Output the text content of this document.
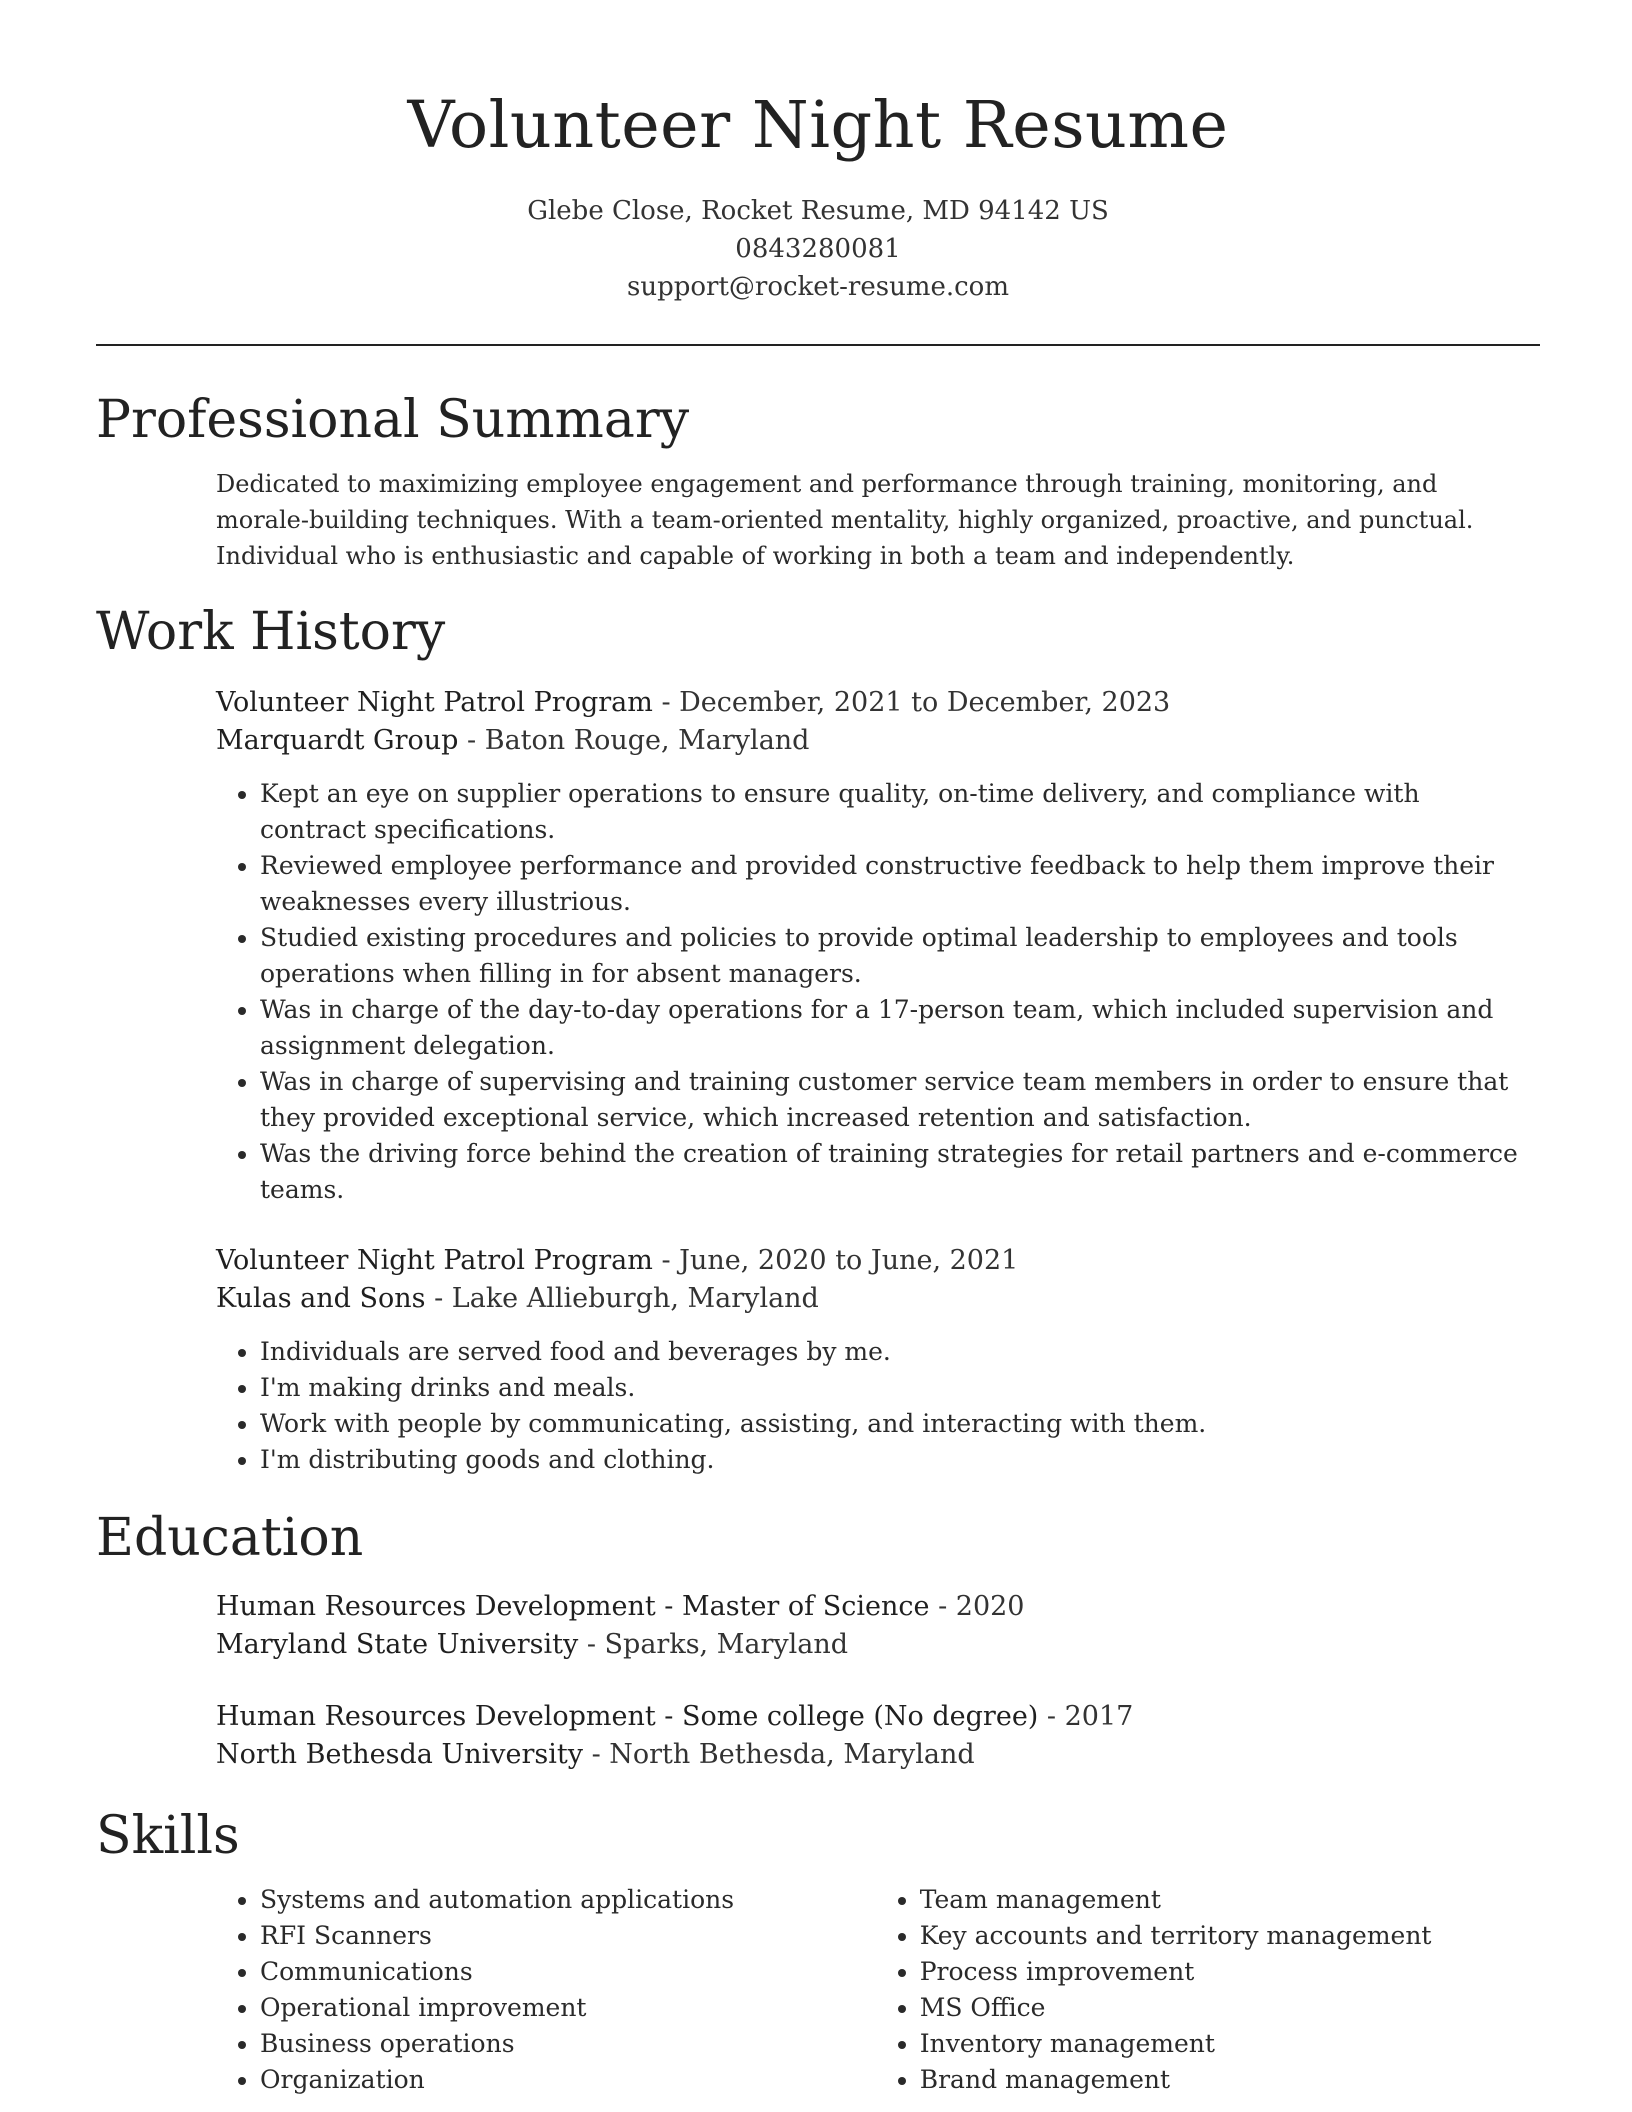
Volunteer Night Resume
Glebe Close, Rocket Resume, MD 94142 US
0843280081
support@rocket-resume.com
Professional Summary
Dedicated to maximizing employee engagement and performance through training, monitoring, and morale-building techniques. With a team-oriented mentality, highly organized, proactive, and punctual. Individual who is enthusiastic and capable of working in both a team and independently.
Work History
Volunteer Night Patrol Program - December, 2021 to December, 2023
Marquardt Group - Baton Rouge, Maryland
• Kept an eye on supplier operations to ensure quality, on-time delivery, and compliance with contract specifications.
• Reviewed employee performance and provided constructive feedback to help them improve their weaknesses every illustrious.
• Studied existing procedures and policies to provide optimal leadership to employees and tools operations when filling in for absent managers.
• Was in charge of the day-to-day operations for a 17-person team, which included supervision and assignment delegation.
• Was in charge of supervising and training customer service team members in order to ensure that they provided exceptional service, which increased retention and satisfaction.
• Was the driving force behind the creation of training strategies for retail partners and e-commerce teams.
Volunteer Night Patrol Program - June, 2020 to June, 2021
Kulas and Sons - Lake Allieburgh, Maryland
• Individuals are served food and beverages by me.
• I'm making drinks and meals.
• Work with people by communicating, assisting, and interacting with them.
• I'm distributing goods and clothing.
Education
Human Resources Development - Master of Science - 2020
Maryland State University - Sparks, Maryland
Human Resources Development - Some college (No degree) - 2017
North Bethesda University - North Bethesda, Maryland
Skills
• Systems and automation applications
• RFI Scanners
• Communications
• Operational improvement
• Business operations
• Organization
• Team management
• Key accounts and territory management
• Process improvement
• MS Office
• Inventory management
• Brand management
